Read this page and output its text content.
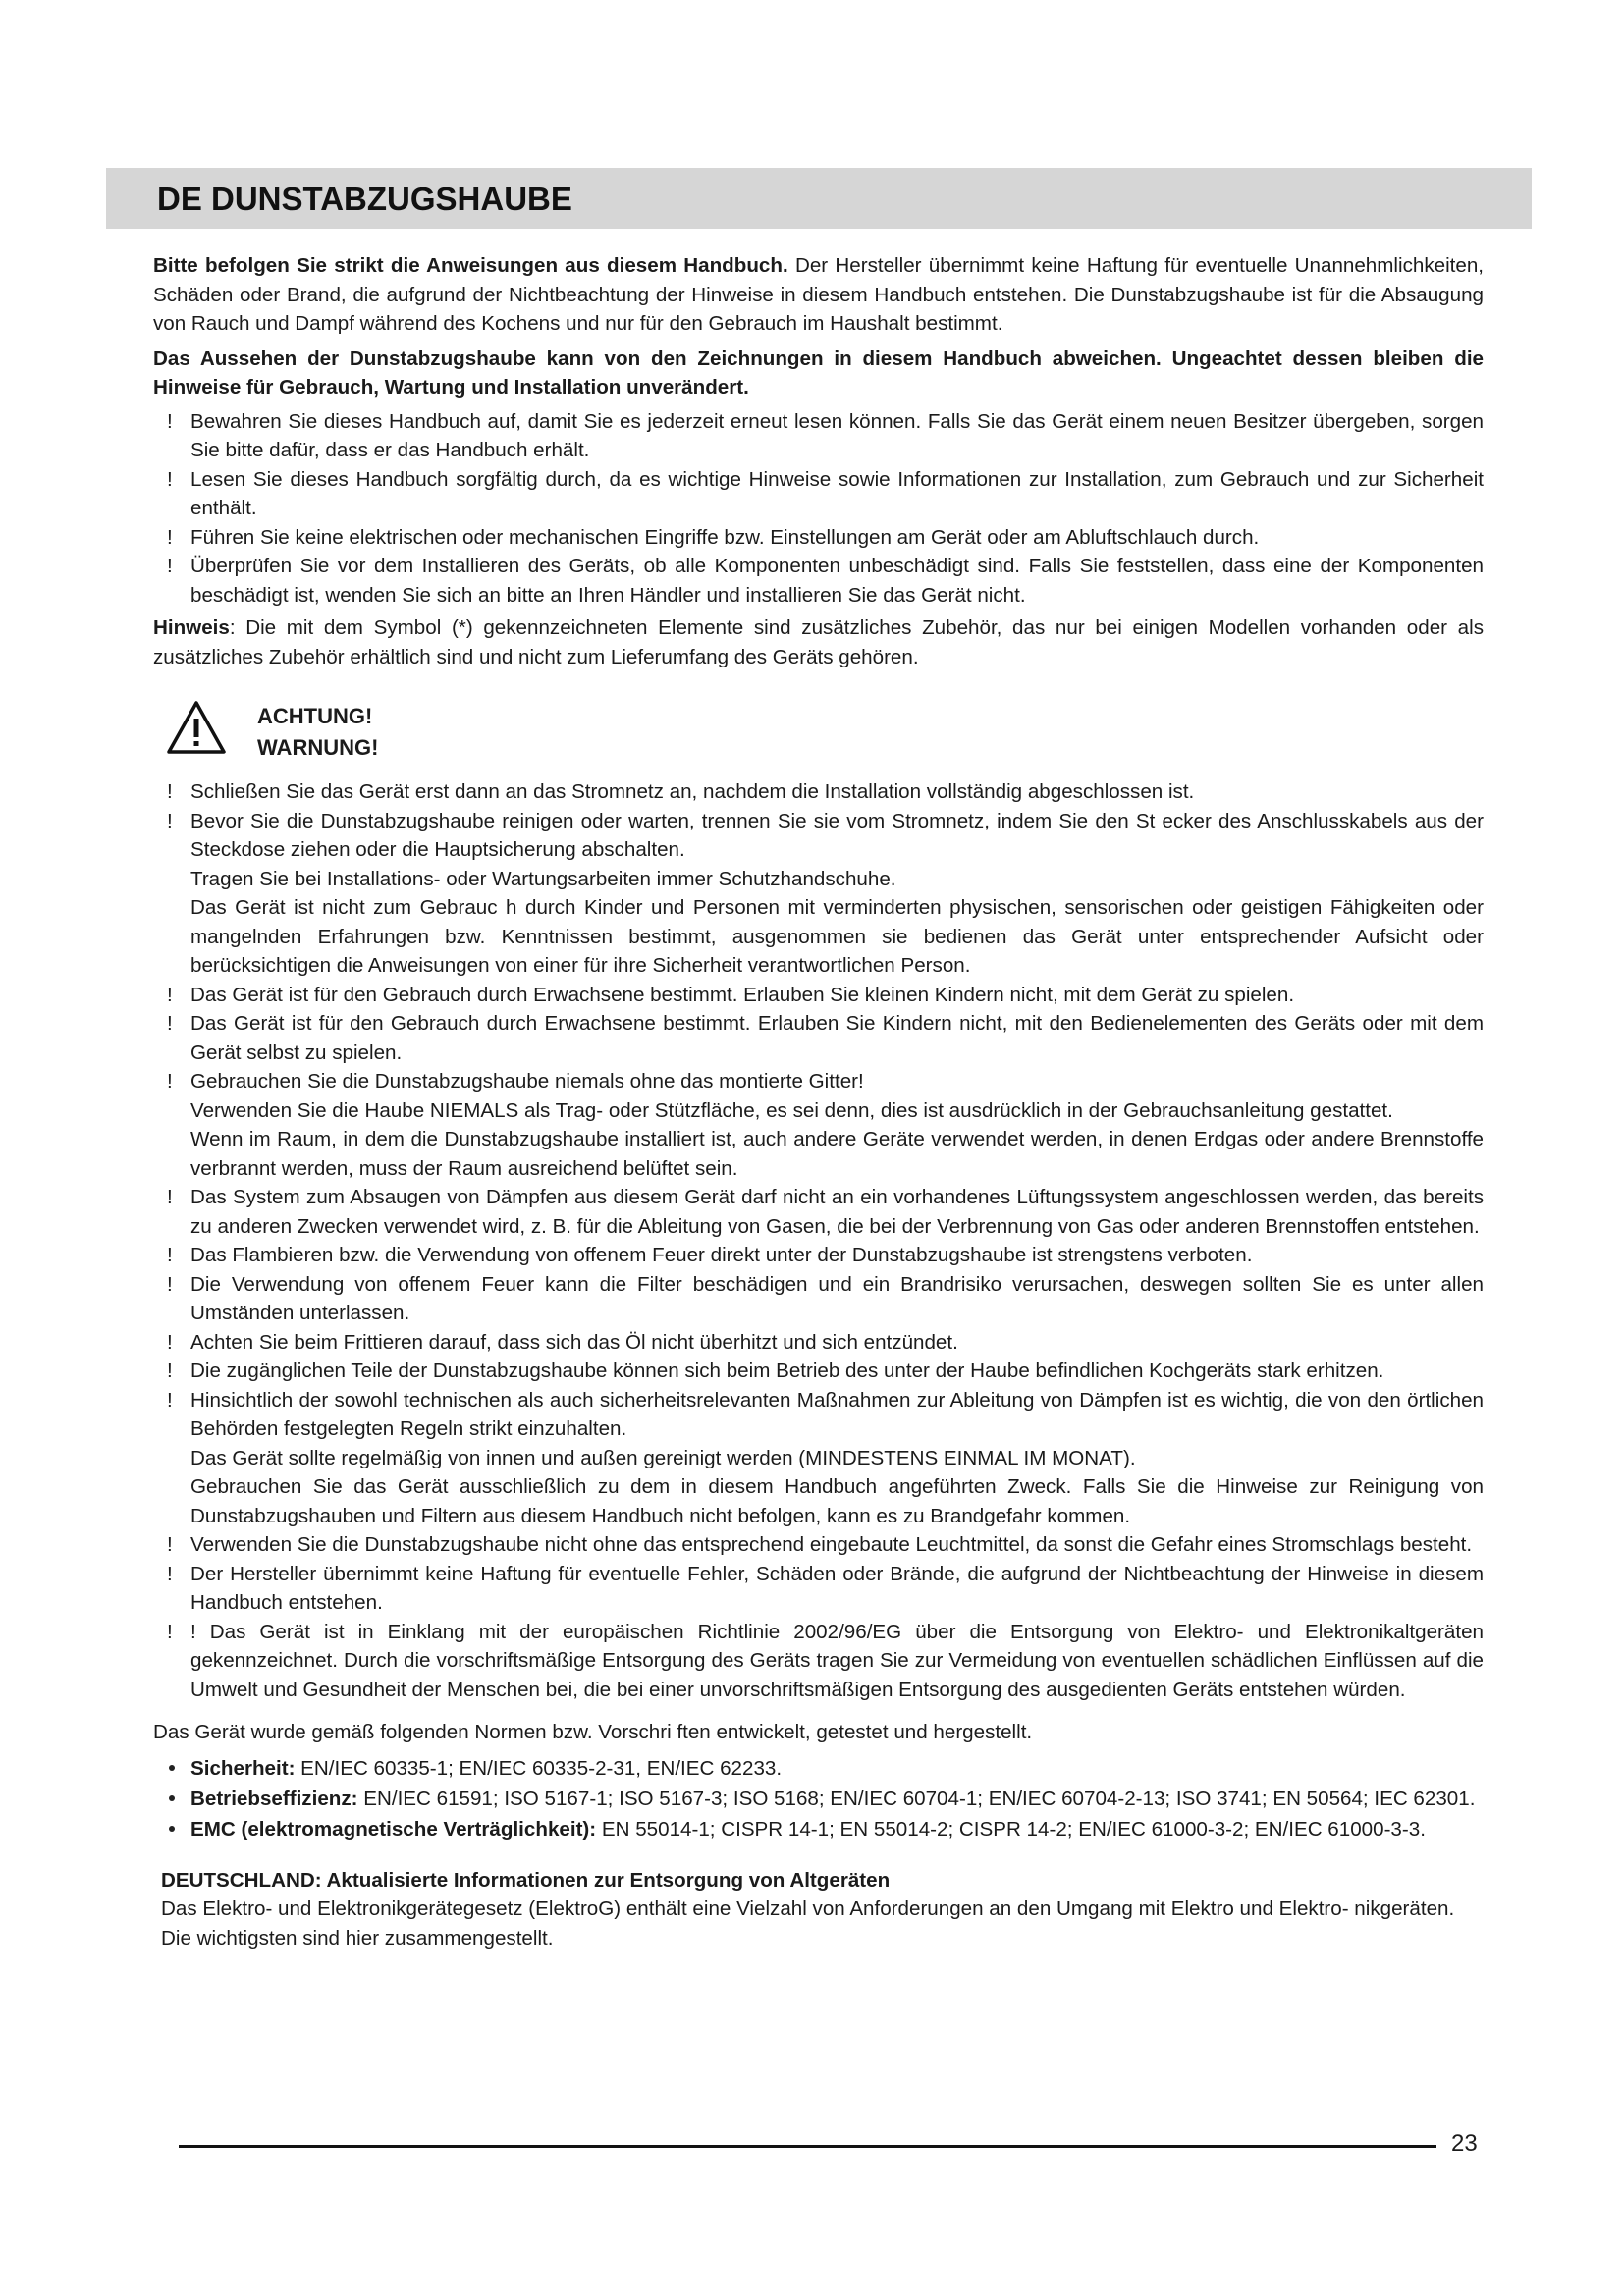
DE DUNSTABZUGSHAUBE

Bitte befolgen Sie strikt die Anweisungen aus diesem Handbuch. Der Hersteller übernimmt keine Haftung für eventuelle Unannehmlichkeiten, Schäden oder Brand, die aufgrund der Nichtbeachtung der Hinweise in diesem Handbuch entstehen. Die Dunstabzugshaube ist für die Absaugung von Rauch und Dampf während des Kochens und nur für den Gebrauch im Haushalt bestimmt.

Das Aussehen der Dunstabzugshaube kann von den Zeichnungen in diesem Handbuch abweichen. Ungeachtet dessen bleiben die Hinweise für Gebrauch, Wartung und Installation unverändert.

! Bewahren Sie dieses Handbuch auf, damit Sie es jederzeit erneut lesen können. Falls Sie das Gerät einem neuen Besitzer übergeben, sorgen Sie bitte dafür, dass er das Handbuch erhält.
! Lesen Sie dieses Handbuch sorgfältig durch, da es wichtige Hinweise sowie Informationen zur Installation, zum Gebrauch und zur Sicherheit enthält.
! Führen Sie keine elektrischen oder mechanischen Eingriffe bzw. Einstellungen am Gerät oder am Abluftschlauch durch.
! Überprüfen Sie vor dem Installieren des Geräts, ob alle Komponenten unbeschädigt sind. Falls Sie feststellen, dass eine der Komponenten beschädigt ist, wenden Sie sich an bitte an Ihren Händler und installieren Sie das Gerät nicht.

Hinweis: Die mit dem Symbol (*) gekennzeichneten Elemente sind zusätzliches Zubehör, das nur bei einigen Modellen vorhanden oder als zusätzliches Zubehör erhältlich sind und nicht zum Lieferumfang des Geräts gehören.

ACHTUNG!
WARNUNG!
! Schließen Sie das Gerät erst dann an das Stromnetz an, nachdem die Installation vollständig abgeschlossen ist.
! Bevor Sie die Dunstabzugshaube reinigen oder warten, trennen Sie sie vom Stromnetz, indem Sie den St ecker des Anschlusskabels aus der Steckdose ziehen oder die Hauptsicherung abschalten.

Tragen Sie bei Installations- oder Wartungsarbeiten immer Schutzhandschuhe.

Das Gerät ist nicht zum Gebrauc h durch Kinder und Personen mit verminderten physischen, sensorischen oder geistigen Fähigkeiten oder mangelnden Erfahrungen bzw. Kenntnissen bestimmt, ausgenommen sie bedienen das Gerät unter entsprechender Aufsicht oder berücksichtigen die Anweisungen von einer für ihre Sicherheit verantwortlichen Person.

! Das Gerät ist für den Gebrauch durch Erwachsene bestimmt. Erlauben Sie kleinen Kindern nicht, mit dem Gerät zu spielen.
! Das Gerät ist für den Gebrauch durch Erwachsene bestimmt. Erlauben Sie Kindern nicht, mit den Bedienelementen des Geräts oder mit dem Gerät selbst zu spielen.
! Gebrauchen Sie die Dunstabzugshaube niemals ohne das montierte Gitter!

Verwenden Sie die Haube NIEMALS als Trag- oder Stützfläche, es sei denn, dies ist ausdrücklich in der Gebrauchsanleitung gestattet.

Wenn im Raum, in dem die Dunstabzugshaube installiert ist, auch andere Geräte verwendet werden, in denen Erdgas oder andere Brennstoffe verbrannt werden, muss der Raum ausreichend belüftet sein.

! Das System zum Absaugen von Dämpfen aus diesem Gerät darf nicht an ein vorhandenes Lüftungssystem angeschlossen werden, das bereits zu anderen Zwecken verwendet wird, z. B. für die Ableitung von Gasen, die bei der Verbrennung von Gas oder anderen Brennstoffen entstehen.
! Das Flambieren bzw. die Verwendung von offenem Feuer direkt unter der Dunstabzugshaube ist strengstens verboten.
! Die Verwendung von offenem Feuer kann die Filter beschädigen und ein Brandrisiko verursachen, deswegen sollten Sie es unter allen Umständen unterlassen.
! Achten Sie beim Frittieren darauf, dass sich das Öl nicht überhitzt und sich entzündet.
! Die zugänglichen Teile der Dunstabzugshaube können sich beim Betrieb des unter der Haube befindlichen Kochgeräts stark erhitzen.
! Hinsichtlich der sowohl technischen als auch sicherheitsrelevanten Maßnahmen zur Ableitung von Dämpfen ist es wichtig, die von den örtlichen Behörden festgelegten Regeln strikt einzuhalten.

Das Gerät sollte regelmäßig von innen und außen gereinigt werden (MINDESTENS EINMAL IM MONAT).

Gebrauchen Sie das Gerät ausschließlich zu dem in diesem Handbuch angeführten Zweck. Falls Sie die Hinweise zur Reinigung von Dunstabzugshauben und Filtern aus diesem Handbuch nicht befolgen, kann es zu Brandgefahr kommen.

! Verwenden Sie die Dunstabzugshaube nicht ohne das entsprechend eingebaute Leuchtmittel, da sonst die Gefahr eines Stromschlags besteht.
! Der Hersteller übernimmt keine Haftung für eventuelle Fehler, Schäden oder Brände, die aufgrund der Nichtbeachtung der Hinweise in diesem Handbuch entstehen.
! ! Das Gerät ist in Einklang mit der europäischen Richtlinie 2002/96/EG über die Entsorgung von Elektro- und Elektronikaltgeräten gekennzeichnet. Durch die vorschriftsmäßige Entsorgung des Geräts tragen Sie zur Vermeidung von eventuellen schädlichen Einflüssen auf die Umwelt und Gesundheit der Menschen bei, die bei einer unvorschriftsmäßigen Entsorgung des ausgedienten Geräts entstehen würden.

Das Gerät wurde gemäß folgenden Normen bzw. Vorschri ften entwickelt, getestet und hergestellt.

Sicherheit: EN/IEC 60335-1; EN/IEC 60335-2-31, EN/IEC 62233.
Betriebseffizienz: EN/IEC 61591; ISO 5167-1; ISO 5167-3; ISO 5168; EN/IEC 60704-1; EN/IEC 60704-2-13; ISO 3741; EN 50564; IEC 62301.
EMC (elektromagnetische Verträglichkeit): EN 55014-1; CISPR 14-1; EN 55014-2; CISPR 14-2; EN/IEC 61000-3-2; EN/IEC 61000-3-3.
DEUTSCHLAND: Aktualisierte Informationen zur Entsorgung von Altgeräten
Das Elektro- und Elektronikgerätegesetz (ElektroG) enthält eine Vielzahl von Anforderungen an den Umgang mit Elektro und Elektro- nikgeräten.
Die wichtigsten sind hier zusammengestellt.
23
